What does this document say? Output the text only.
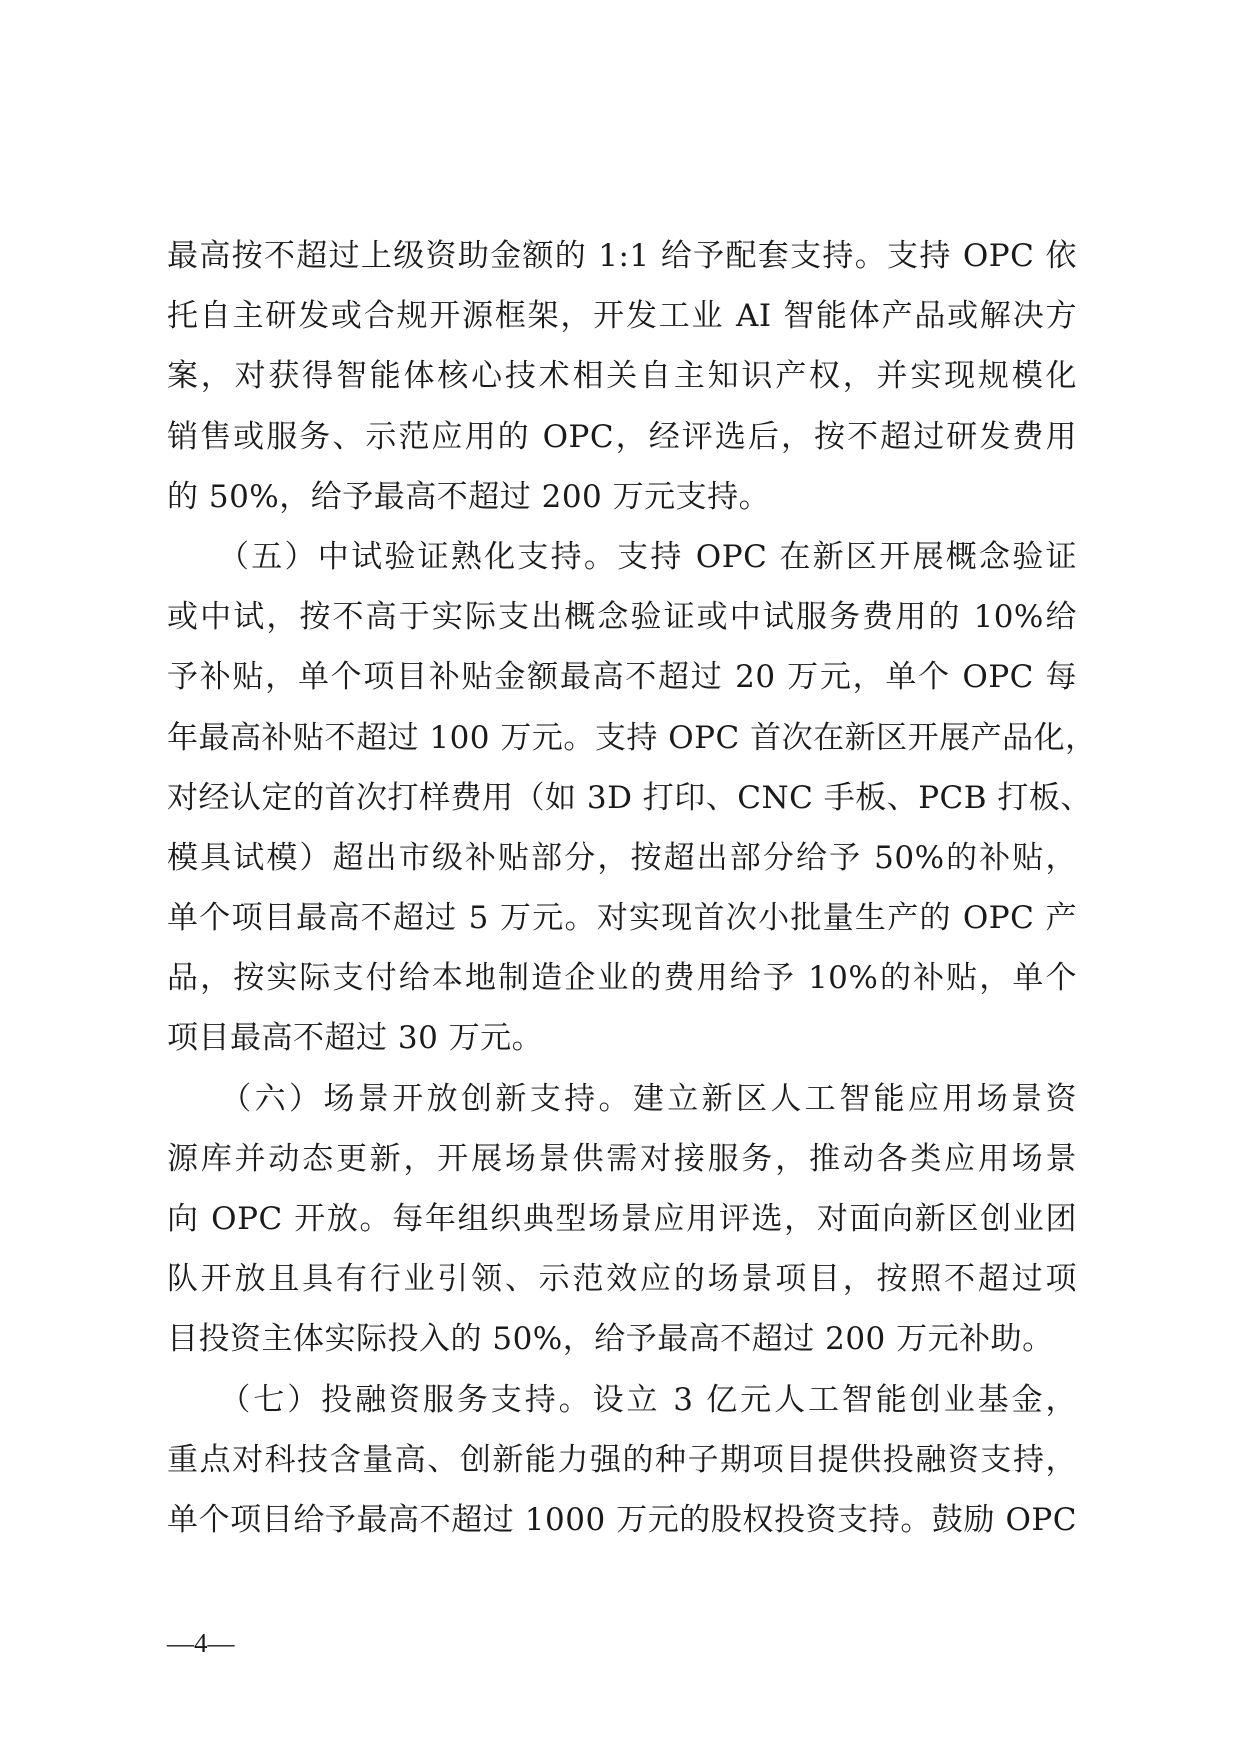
最高按不超过上级资助金额的 1:1 给予配套支持。支持 OPC 依
托自主研发或合规开源框架，开发工业 AI 智能体产品或解决方
案，对获得智能体核心技术相关自主知识产权，并实现规模化
销售或服务、示范应用的 OPC，经评选后，按不超过研发费用
的 50%，给予最高不超过 200 万元支持。
　　（五）中试验证熟化支持。支持 OPC 在新区开展概念验证
或中试，按不高于实际支出概念验证或中试服务费用的 10%给
予补贴，单个项目补贴金额最高不超过 20 万元，单个 OPC 每
年最高补贴不超过 100 万元。支持 OPC 首次在新区开展产品化，
对经认定的首次打样费用（如 3D 打印、CNC 手板、PCB 打板、
模具试模）超出市级补贴部分，按超出部分给予 50%的补贴，
单个项目最高不超过 5 万元。对实现首次小批量生产的 OPC 产
品，按实际支付给本地制造企业的费用给予 10%的补贴，单个
项目最高不超过 30 万元。
　　（六）场景开放创新支持。建立新区人工智能应用场景资
源库并动态更新，开展场景供需对接服务，推动各类应用场景
向 OPC 开放。每年组织典型场景应用评选，对面向新区创业团
队开放且具有行业引领、示范效应的场景项目，按照不超过项
目投资主体实际投入的 50%，给予最高不超过 200 万元补助。
　　（七）投融资服务支持。设立 3 亿元人工智能创业基金，
重点对科技含量高、创新能力强的种子期项目提供投融资支持，
单个项目给予最高不超过 1000 万元的股权投资支持。鼓励 OPC
—4—
